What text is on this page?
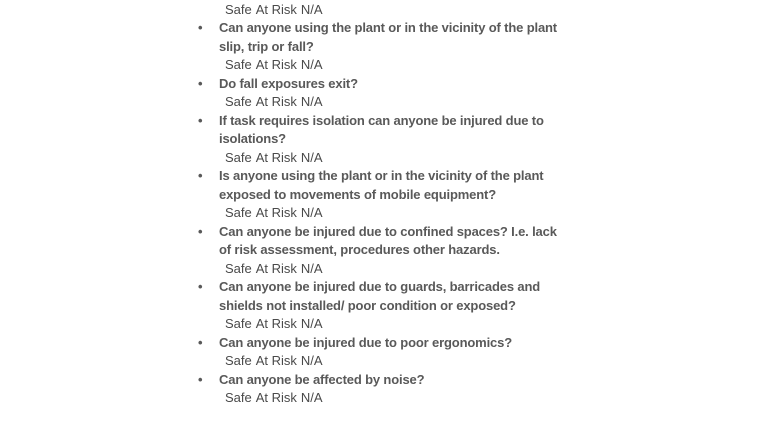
Safe At Risk N/A
• Can anyone using the plant or in the vicinity of the plant slip, trip or fall?
Safe At Risk N/A
• Do fall exposures exit?
Safe At Risk N/A
• If task requires isolation can anyone be injured due to isolations?
Safe At Risk N/A
• Is anyone using the plant or in the vicinity of the plant exposed to movements of mobile equipment?
Safe At Risk N/A
• Can anyone be injured due to confined spaces? I.e. lack of risk assessment, procedures other hazards.
Safe At Risk N/A
• Can anyone be injured due to guards, barricades and shields not installed/ poor condition or exposed?
Safe At Risk N/A
• Can anyone be injured due to poor ergonomics?
Safe At Risk N/A
• Can anyone be affected by noise?
Safe At Risk N/A
